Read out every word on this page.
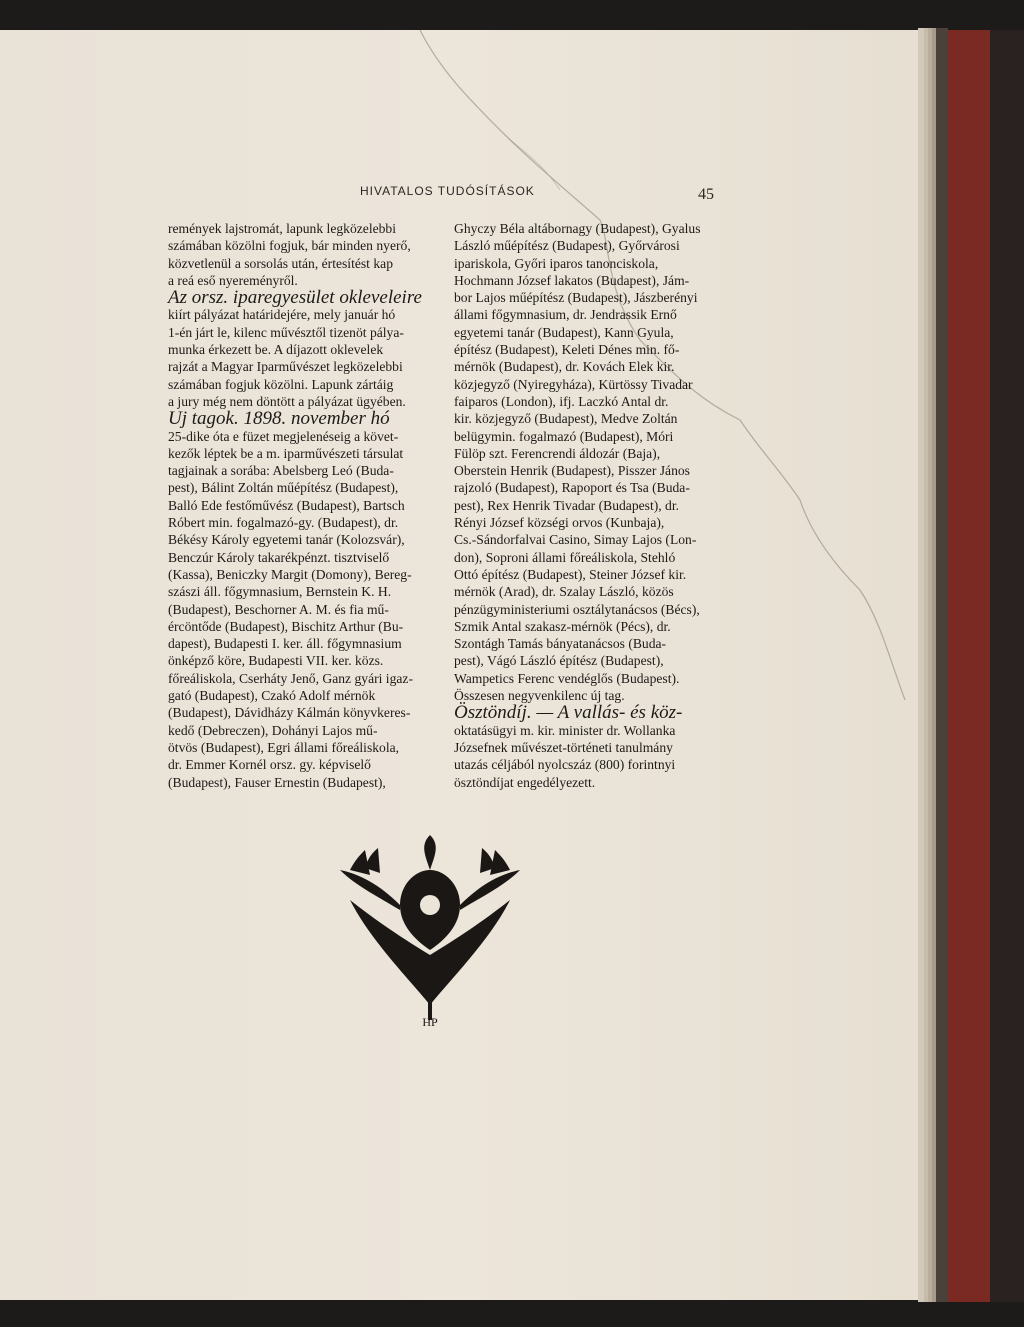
HIVATALOS TUDÓSÍTÁSOK	45
remények lajstromát, lapunk legközelebbi
számában közölni fogjuk, bár minden nyerő,
közvetlenül a sorsolás után, értesítést kap
a reá eső nyereményről.
Az orsz. iparegyesület okleveleire
kiírt pályázat határidejére, mely január hó
1-én járt le, kilenc művésztől tizenöt pálya-
munka érkezett be. A díjazott oklevelek
rajzát a Magyar Iparművészet legközelebbi
számában fogjuk közölni. Lapunk zártáig
a jury még nem döntött a pályázat ügyében.
Uj tagok. 1898. november hó
25-dike óta e füzet megjelenéseig a követ-
kezők léptek be a m. iparművészeti társulat
tagjainak a sorába: Abelsberg Leó (Buda-
pest), Bálint Zoltán műépítész (Budapest),
Balló Ede festőművész (Budapest), Bartsch
Róbert min. fogalmazó-gy. (Budapest), dr.
Békésy Károly egyetemi tanár (Kolozsvár),
Benczúr Károly takarékpénzt. tisztviselő
(Kassa), Beniczky Margit (Domony), Bereg-
szászi áll. főgymnasium, Bernstein K. H.
(Budapest), Beschorner A. M. és fia mű-
ércöntőde (Budapest), Bischitz Arthur (Bu-
dapest), Budapesti I. ker. áll. főgymnasium
önképző köre, Budapesti VII. ker. közs.
főreáliskola, Cserháty Jenő, Ganz gyári igaz-
gató (Budapest), Czakó Adolf mérnök
(Budapest), Dávidházy Kálmán könyvkeres-
kedő (Debreczen), Dohányi Lajos mű-
ötvös (Budapest), Egri állami főreáliskola,
dr. Emmer Kornél orsz. gy. képviselő
(Budapest), Fauser Ernestin (Budapest),
Ghyczy Béla altábornagy (Budapest), Gyalus
László műépítész (Budapest), Győrvárosi
ipariskola, Győri iparos tanonciskola,
Hochmann József lakatos (Budapest), Jám-
bor Lajos műépítész (Budapest), Jászberényi
állami főgymnasium, dr. Jendrassik Ernő
egyetemi tanár (Budapest), Kann Gyula,
építész (Budapest), Keleti Dénes min. fő-
mérnök (Budapest), dr. Kovách Elek kir.
közjegyző (Nyiregyháza), Kürtössy Tivadar
faiparos (London), ifj. Laczkó Antal dr.
kir. közjegyző (Budapest), Medve Zoltán
belügymin. fogalmazó (Budapest), Móri
Fülöp szt. Ferencrendi áldozár (Baja),
Oberstein Henrik (Budapest), Pisszer János
rajzoló (Budapest), Rapoport és Tsa (Buda-
pest), Rex Henrik Tivadar (Budapest), dr.
Rényi József községi orvos (Kunbaja),
Cs.-Sándorfalvai Casino, Simay Lajos (Lon-
don), Soproni állami főreáliskola, Stehló
Ottó építész (Budapest), Steiner József kir.
mérnök (Arad), dr. Szalay László, közös
pénzügyministeriumi osztálytanácsos (Bécs),
Szmik Antal szakasz-mérnök (Pécs), dr.
Szontágh Tamás bányatanácsos (Buda-
pest), Vágó László építész (Budapest),
Wampetics Ferenc vendéglős (Budapest).
Összesen negyvenkilenc új tag.
Ösztöndíj. — A vallás- és köz-
oktatásügyi m. kir. minister dr. Wollanka
Józsefnek művészet-történeti tanulmány
utazás céljából nyolcszáz (800) forintnyi
ösztöndíjat engedélyezett.
HP
